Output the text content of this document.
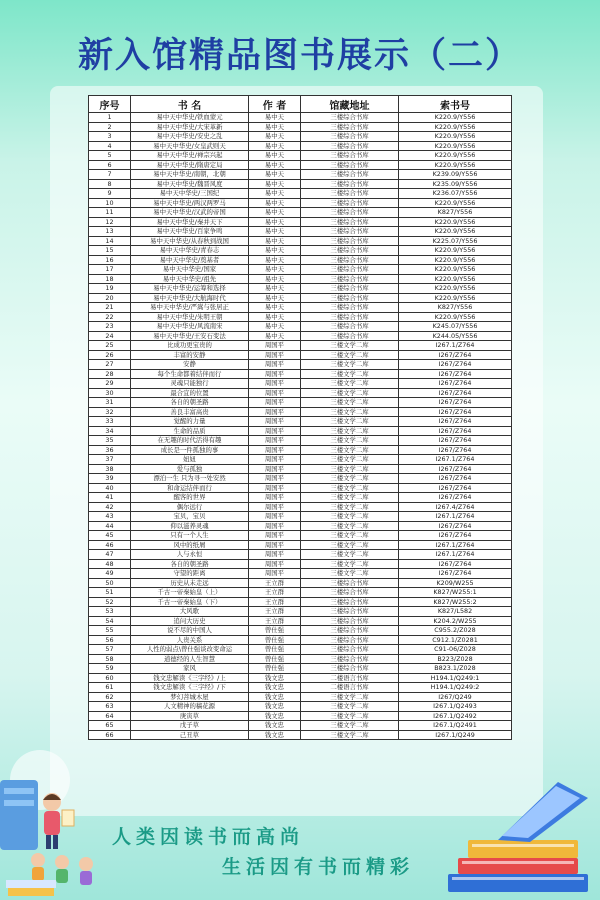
新入馆精品图书展示（二）
序号	书 名	作 者	馆藏地址	索书号
1	易中天中华史/铁血蒙元	易中天	三楼综合书库	K220.9/Y556
2	易中天中华史/大宋革新	易中天	三楼综合书库	K220.9/Y556
3	易中天中华史/安史之乱	易中天	三楼综合书库	K220.9/Y556
4	易中天中华史/女皇武则天	易中天	三楼综合书库	K220.9/Y556
5	易中天中华史/禅宗兴起	易中天	三楼综合书库	K220.9/Y556
6	易中天中华史/隋唐定局	易中天	三楼综合书库	K220.9/Y556
7	易中天中华史/南朝，北朝	易中天	三楼综合书库	K239.09/Y556
8	易中天中华史/魏晋风度	易中天	三楼综合书库	K235.09/Y556
9	易中天中华史/三国纪	易中天	三楼综合书库	K236.07/Y556
10	易中天中华史/两汉两罗马	易中天	三楼综合书库	K220.9/Y556
11	易中天中华史/汉武的帝国	易中天	三楼综合书库	K827/Y556
12	易中天中华史/秦并天下	易中天	三楼综合书库	K220.9/Y556
13	易中天中华史/百家争鸣	易中天	三楼综合书库	K220.9/Y556
14	易中天中华史/从春秋到战国	易中天	三楼综合书库	K225.07/Y556
15	易中天中华史/青春志	易中天	三楼综合书库	K220.9/Y556
16	易中天中华史/奠基者	易中天	三楼综合书库	K220.9/Y556
17	易中天中华史/国家	易中天	三楼综合书库	K220.9/Y556
18	易中天中华史/祖先	易中天	三楼综合书库	K220.9/Y556
19	易中天中华史/运筹和选择	易中天	三楼综合书库	K220.9/Y556
20	易中天中华史/大航海时代	易中天	三楼综合书库	K220.9/Y556
21	易中天中华史/严嵩与张居正	易中天	三楼综合书库	K827/Y556
22	易中天中华史/朱明王朝	易中天	三楼综合书库	K220.9/Y556
23	易中天中华史/风流南宋	易中天	三楼综合书库	K245.07/Y556
24	易中天中华史/王安石变法	易中天	三楼综合书库	K244.05/Y556
25	比成功更宝贵的	周国平	三楼文学二库	I267.1/Z764
26	丰富的安静	周国平	三楼文学二库	I267/Z764
27	安静	周国平	三楼文学二库	I267/Z764
28	每个生命都着结伴而行	周国平	三楼文学二库	I267/Z764
29	灵魂只能独行	周国平	三楼文学二库	I267/Z764
30	最合宜的位置	周国平	三楼文学二库	I267/Z764
31	各自的朝圣路	周国平	三楼文学二库	I267/Z764
32	善良丰富高贵	周国平	三楼文学二库	I267/Z764
33	觉醒的力量	周国平	三楼文学二库	I267/Z764
34	生命的品质	周国平	三楼文学二库	I267/Z764
35	在无趣的时代活得有趣	周国平	三楼文学二库	I267/Z764
36	成长是一件孤独的事	周国平	三楼文学二库	I267/Z764
37	妞妞	周国平	三楼文学二库	I267.1/Z764
38	爱与孤独	周国平	三楼文学二库	I267/Z764
39	漂泊一生 只为寻一处安然	周国平	三楼文学二库	I267/Z764
40	和命运结伴而行	周国平	三楼文学二库	I267/Z764
41	醒客的世界	周国平	三楼文学二库	I267/Z764
42	偶尔远行	周国平	三楼文学二库	I267.4/Z764
43	宝贝，宝贝	周国平	三楼文学二库	I267.1/Z764
44	仰以滋养灵魂	周国平	三楼文学二库	I267/Z764
45	只有一个人生	周国平	三楼文学二库	I267/Z764
46	风中的纸屑	周国平	三楼文学二库	I267.1/Z764
47	人与永恒	周国平	三楼文学二库	I267.1/Z764
48	各自的朝圣路	周国平	三楼文学二库	I267/Z764
49	守望的距离	周国平	三楼文学二库	I267/Z764
50	历史从未走远	王立群	三楼综合书库	K209/W255
51	千古一帝秦始皇（上）	王立群	三楼综合书库	K827/W255:1
52	千古一帝秦始皇（下）	王立群	三楼综合书库	K827/W255:2
53	大风歌	王立群	三楼综合书库	K827/L582
54	追问大历史	王立群	三楼综合书库	K204.2/W255
55	说不尽的中国人	曾仕强	三楼综合书库	C955.2/Z028
56	人贵关系	曾仕强	三楼综合书库	C912.1/Z0281
57	人性的弱点\曾仕强谈改变命运	曾仕强	三楼综合书库	C91-06/Z028
58	道德经的人生智慧	曾仕强	三楼综合书库	B223/Z028
59	家风	曾仕强	三楼综合书库	B823.1/Z028
60	钱文忠解读《三字经》/上	钱文忠	二楼语言书库	H194.1/Q249:1
61	钱文忠解读《三字经》/下	钱文忠	二楼语言书库	H194.1/Q249:2
62	梦幻菩城木屋	钱文忠	三楼文学二库	I267/Q249
63	人文精神的稿花源	钱文忠	三楼文学二库	I267.1/Q2493
64	庚寅草	钱文忠	三楼文学二库	I267.1/Q2492
65	戊子草	钱文忠	三楼文学二库	I267.1/Q2491
66	己丑草	钱文忠	三楼文学二库	I267.1/Q249
人类因读书而高尚
生活因有书而精彩
